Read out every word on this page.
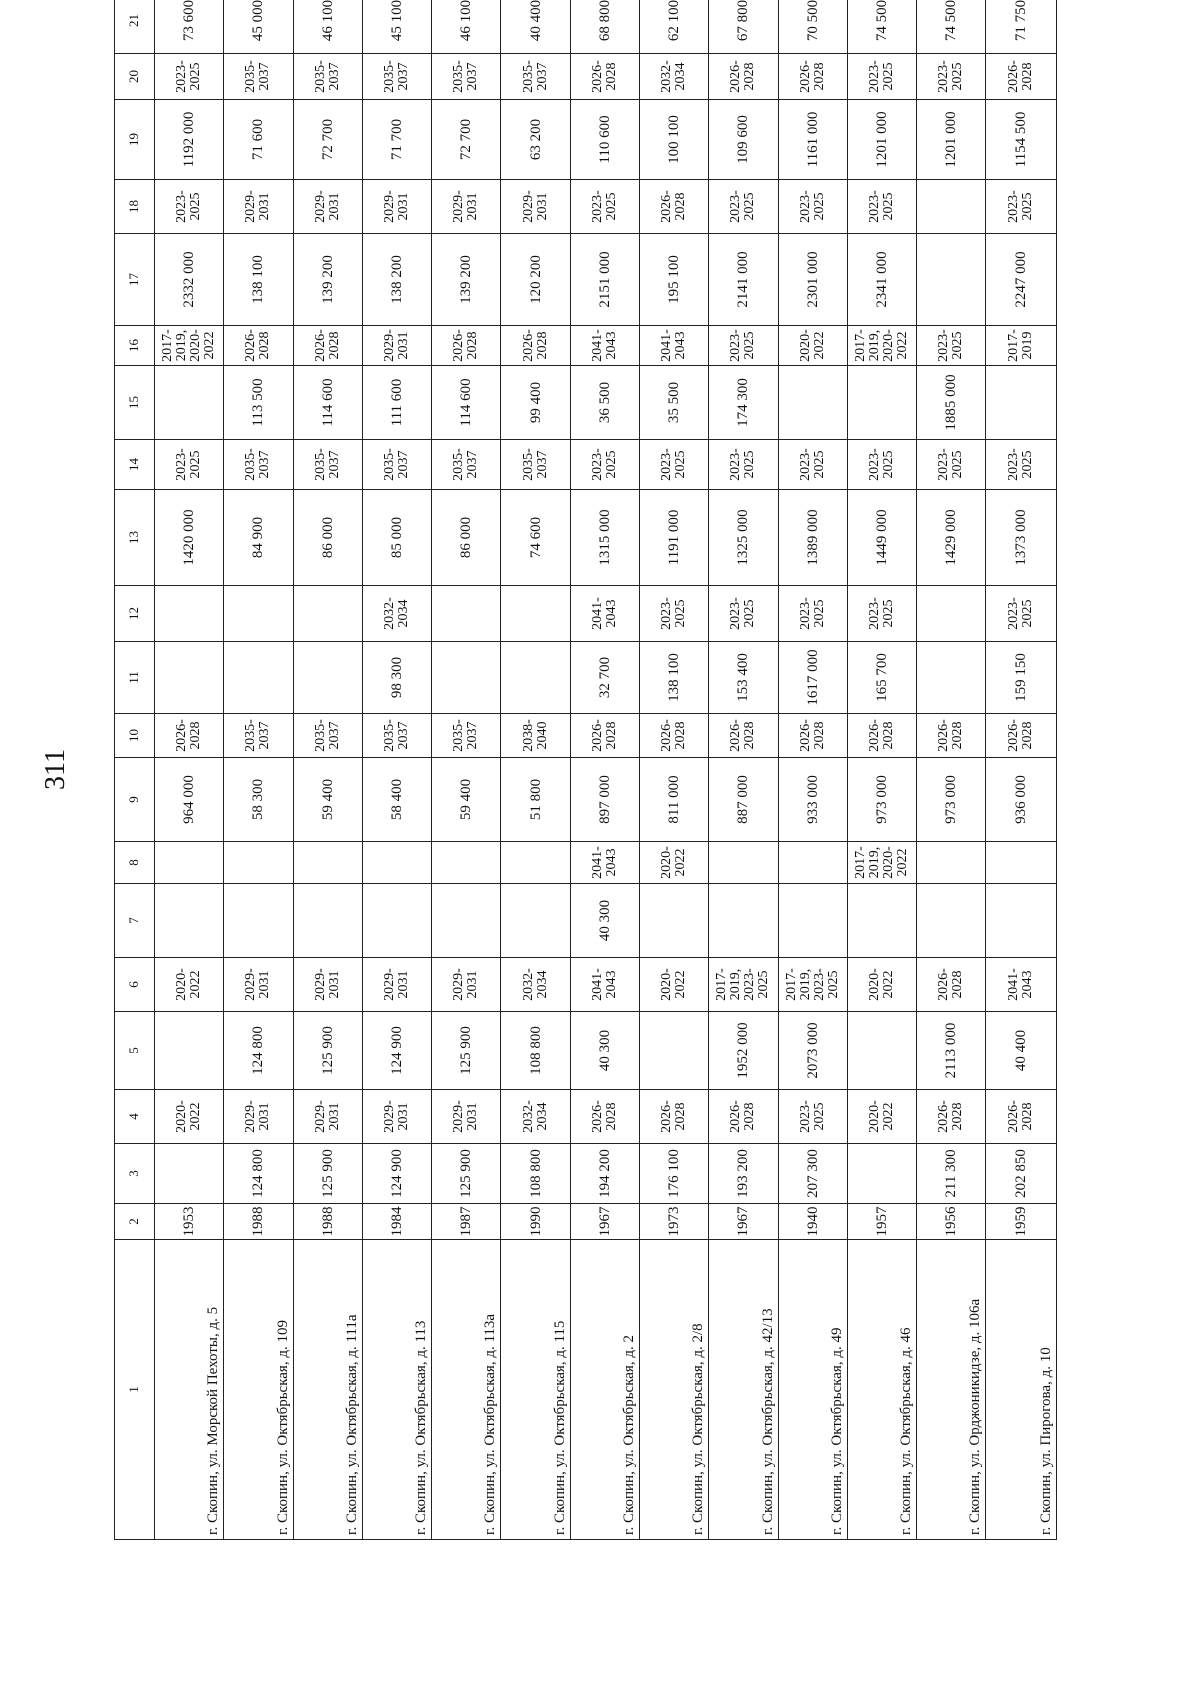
311
1	2	3	4	5	6	7	8	9	10	11	12	13	14	15	16	17	18	19	20	21			
г. Скопин, ул. Морской Пехоты, д. 5	1953		2020- 2022		2020- 2022			964 000	2026- 2028			1420 000	2023- 2025		2017- 2019, 2020- 2022	2332 000	2023- 2025	1192 000	2023- 2025	73 600

г. Скопин, ул. Октябрьская, д. 109	1988	124 800	2029- 2031	124 800	2029- 2031			58 300	2035- 2037			84 900	2035- 2037	113 500	2026- 2028	138 100	2029- 2031	71 600	2035- 2037	45 000

г. Скопин, ул. Октябрьская, д. 111а	1988	125 900	2029- 2031	125 900	2029- 2031			59 400	2035- 2037			86 000	2035- 2037	114 600	2026- 2028	139 200	2029- 2031	72 700	2035- 2037	46 100

г. Скопин, ул. Октябрьская, д. 113	1984	124 900	2029- 2031	124 900	2029- 2031			58 400	2035- 2037	98 300	2032- 2034	85 000	2035- 2037	111 600	2029- 2031	138 200	2029- 2031	71 700	2035- 2037	45 100

г. Скопин, ул. Октябрьская, д. 113а	1987	125 900	2029- 2031	125 900	2029- 2031			59 400	2035- 2037			86 000	2035- 2037	114 600	2026- 2028	139 200	2029- 2031	72 700	2035- 2037	46 100

г. Скопин, ул. Октябрьская, д. 115	1990	108 800	2032- 2034	108 800	2032- 2034			51 800	2038- 2040			74 600	2035- 2037	99 400	2026- 2028	120 200	2029- 2031	63 200	2035- 2037	40 400

г. Скопин, ул. Октябрьская, д. 2	1967	194 200	2026- 2028	40 300	2041- 2043	40 300	2041- 2043	897 000	2026- 2028	32 700	2041- 2043	1315 000	2023- 2025	36 500	2041- 2043	2151 000	2023- 2025	110 600	2026- 2028	68 800

г. Скопин, ул. Октябрьская, д. 2/8	1973	176 100	2026- 2028		2020- 2022		2020- 2022	811 000	2026- 2028	138 100	2023- 2025	1191 000	2023- 2025	35 500	2041- 2043	195 100	2026- 2028	100 100	2032- 2034	62 100

г. Скопин, ул. Октябрьская, д. 42/13	1967	193 200	2026- 2028	1952 000	2017- 2019, 2023- 2025			887 000	2026- 2028	153 400	2023- 2025	1325 000	2023- 2025	174 300	2023- 2025	2141 000	2023- 2025	109 600	2026- 2028	67 800

г. Скопин, ул. Октябрьская, д. 49	1940	207 300	2023- 2025	2073 000	2017- 2019, 2023- 2025			933 000	2026- 2028	1617 000	2023- 2025	1389 000	2023- 2025		2020- 2022	2301 000	2023- 2025	1161 000	2026- 2028	70 500

г. Скопин, ул. Октябрьская, д. 46	1957		2020- 2022		2020- 2022		2017- 2019, 2020- 2022	973 000	2026- 2028	165 700	2023- 2025	1449 000	2023- 2025		2017- 2019, 2020- 2022	2341 000	2023- 2025	1201 000	2023- 2025	74 500

г. Скопин, ул. Орджоникидзе, д. 106а	1956	211 300	2026- 2028	2113 000	2026- 2028			973 000	2026- 2028			1429 000	2023- 2025	1885 000	2023- 2025			1201 000	2023- 2025	74 500

г. Скопин, ул. Пирогова, д. 10	1959	202 850	2026- 2028	40 400	2041- 2043			936 000	2026- 2028	159 150	2023- 2025	1373 000	2023- 2025		2017- 2019	2247 000	2023- 2025	1154 500	2026- 2028	71 750
